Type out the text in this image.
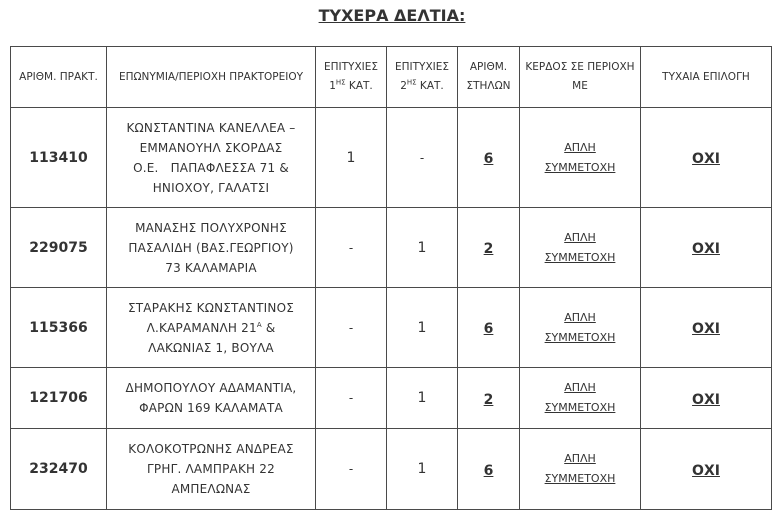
ΤΥΧΕΡΑ ΔΕΛΤΙΑ:
ΑΡΙΘΜ. ΠΡΑΚΤ.	ΕΠΩΝΥΜΙΑ/ΠΕΡΙΟΧΗ ΠΡΑΚΤΟΡΕΙΟΥ	ΕΠΙΤΥΧΙΕΣ $1^{H\Sigma}$ ΚΑΤ.	ΕΠΙΤΥΧΙΕΣ $2^{H\Sigma}$ ΚΑΤ.	ΑΡΙΘΜ. ΣΤΗΛΩΝ	ΚΕΡΔΟΣ ΣΕ ΠΕΡΙΟΧΗ ΜΕ	ΤΥΧΑΙΑ ΕΠΙΛΟΓΗ
113410	ΚΩΝΣΤΑΝΤΙΝΑ ΚΑΝΕΛΛΕΑ –
ΕΜΜΑΝΟΥΗΛ ΣΚΟΡΔΑΣ
Ο.Ε.   ΠΑΠΑΦΛΕΣΣΑ 71 &
ΗΝΙΟΧΟΥ, ΓΑΛΑΤΣΙ	1	-	6	ΑΠΛΗ
ΣΥΜΜΕΤΟΧΗ	ΟΧΙ
229075	ΜΑΝΑΣΗΣ ΠΟΛΥΧΡΟΝΗΣ
ΠΑΣΑΛΙΔΗ (ΒΑΣ.ΓΕΩΡΓΙΟΥ)
73 ΚΑΛΑΜΑΡΙΑ	-	1	2	ΑΠΛΗ
ΣΥΜΜΕΤΟΧΗ	ΟΧΙ
115366	ΣΤΑΡΑΚΗΣ ΚΩΝΣΤΑΝΤΙΝΟΣ
Λ.ΚΑΡΑΜΑΝΛΗ $21^A$ &
ΛΑΚΩΝΙΑΣ 1, ΒΟΥΛΑ	-	1	6	ΑΠΛΗ
ΣΥΜΜΕΤΟΧΗ	ΟΧΙ
121706	ΔΗΜΟΠΟΥΛΟΥ ΑΔΑΜΑΝΤΙΑ,
ΦΑΡΩΝ 169 ΚΑΛΑΜΑΤΑ	-	1	2	ΑΠΛΗ
ΣΥΜΜΕΤΟΧΗ	ΟΧΙ
232470	ΚΟΛΟΚΟΤΡΩΝΗΣ ΑΝΔΡΕΑΣ
ΓΡΗΓ. ΛΑΜΠΡΑΚΗ 22
ΑΜΠΕΛΩΝΑΣ	-	1	6	ΑΠΛΗ
ΣΥΜΜΕΤΟΧΗ	ΟΧΙ
